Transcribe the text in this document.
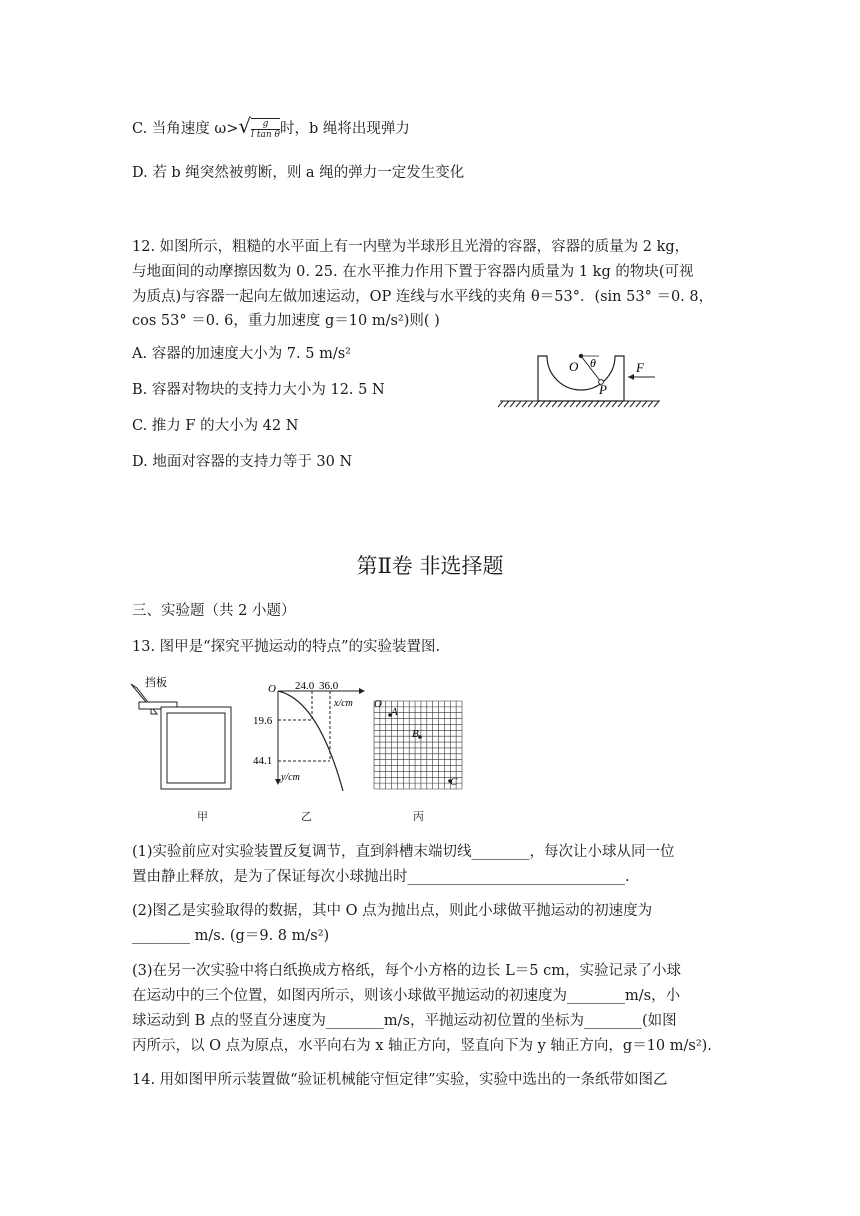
C. 当角速度 $\omega>√ \frac{g}{\text{l tan θ}}$ 时，b 绳将出现弹力
D. 若 b 绳突然被剪断，则 a 绳的弹力一定发生变化
12. 如图所示，粗糙的水平面上有一内壁为半球形且光滑的容器，容器的质量为 2 kg，
与地面间的动摩擦因数为 0. 25. 在水平推力作用下置于容器内质量为 1 kg 的物块(可视
为质点)与容器一起向左做加速运动，OP 连线与水平线的夹角 θ＝53°．(sin 53° ＝0. 8，
cos 53° ＝0. 6，重力加速度 g＝10 m/s²)则( )
A. 容器的加速度大小为 7. 5 m/s²
B. 容器对物块的支持力大小为 12. 5 N
C. 推力 F 的大小为 42 N
D. 地面对容器的支持力等于 30 N
O θ
P
F
第Ⅱ卷 非选择题
三、实验题（共 2 小题）
13. 图甲是“探究平抛运动的特点”的实验装置图.
挡板
甲
O 24.0 36.0
x/cm
19.6
44.1
y/cm
乙
O
A
B
C
丙
(1)实验前应对实验装置反复调节，直到斜槽末端切线________，每次让小球从同一位
置由静止释放，是为了保证每次小球抛出时______________________________.
(2)图乙是实验取得的数据，其中 O 点为抛出点，则此小球做平抛运动的初速度为
________ m/s. (g＝9. 8 m/s²)
(3)在另一次实验中将白纸换成方格纸，每个小方格的边长 L＝5 cm，实验记录了小球
在运动中的三个位置，如图丙所示，则该小球做平抛运动的初速度为________m/s，小
球运动到 B 点的竖直分速度为________m/s，平抛运动初位置的坐标为________(如图
丙所示，以 O 点为原点，水平向右为 x 轴正方向，竖直向下为 y 轴正方向，g＝10 m/s²).
14. 用如图甲所示装置做“验证机械能守恒定律”实验，实验中选出的一条纸带如图乙
